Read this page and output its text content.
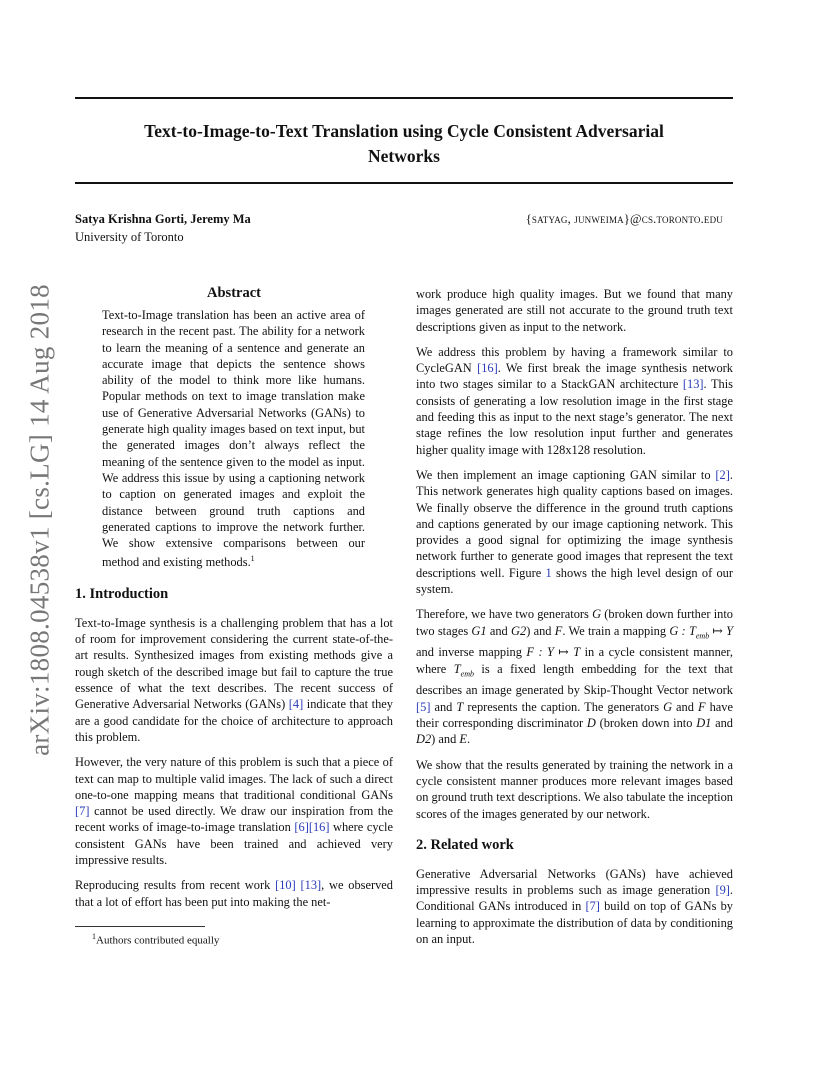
Text-to-Image-to-Text Translation using Cycle Consistent Adversarial
Networks
Satya Krishna Gorti, Jeremy Ma
University of Toronto
{satyag, junweima}@cs.toronto.edu
arXiv:1808.04538v1 [cs.LG] 14 Aug 2018	Abstract
Text-to-Image translation has been an active area of research in the recent past. The ability for a network to learn the meaning of a sentence and generate an accurate image that depicts the sentence shows ability of the model to think more like humans. Popular methods on text to image translation make use of Generative Adversarial Networks (GANs) to generate high quality images based on text input, but the generated images don’t always reflect the meaning of the sentence given to the model as input. We address this issue by using a captioning network to caption on generated images and exploit the distance between ground truth captions and generated captions to improve the network further. We show extensive comparisons between our method and existing methods.$^1$
1. Introduction

Text-to-Image synthesis is a challenging problem that has a lot of room for improvement considering the current state-of-the-art results. Synthesized images from existing methods give a rough sketch of the described image but fail to capture the true essence of what the text describes. The recent success of Generative Adversarial Networks (GANs) [4] indicate that they are a good candidate for the choice of architecture to approach this problem.

However, the very nature of this problem is such that a piece of text can map to multiple valid images. The lack of such a direct one-to-one mapping means that traditional conditional GANs [7] cannot be used directly. We draw our inspiration from the recent works of image-to-image translation [6][16] where cycle consistent GANs have been trained and achieved very impressive results.

Reproducing results from recent work [10] [13], we observed that a lot of effort has been put into making the net-

$^1$Authors contributed equally

work produce high quality images. But we found that many images generated are still not accurate to the ground truth text descriptions given as input to the network.

We address this problem by having a framework similar to CycleGAN [16]. We first break the image synthesis network into two stages similar to a StackGAN architecture [13]. This consists of generating a low resolution image in the first stage and feeding this as input to the next stage’s generator. The next stage refines the low resolution input further and generates higher quality image with 128x128 resolution.

We then implement an image captioning GAN similar to [2]. This network generates high quality captions based on images. We finally observe the difference in the ground truth captions and captions generated by our image captioning network. This provides a good signal for optimizing the image synthesis network further to generate good images that represent the text descriptions well. Figure 1 shows the high level design of our system.

Therefore, we have two generators G (broken down further into two stages G1 and G2) and F. We train a mapping G : $T_{emb}$ ↦ Y and inverse mapping F : Y ↦ T in a cycle consistent manner, where $T_{emb}$ is a fixed length embedding for the text that describes an image generated by Skip-Thought Vector network [5] and T represents the caption. The generators G and F have their corresponding discriminator D (broken down into D1 and D2) and E.

We show that the results generated by training the network in a cycle consistent manner produces more relevant images based on ground truth text descriptions. We also tabulate the inception scores of the images generated by our network.

2. Related work

Generative Adversarial Networks (GANs) have achieved impressive results in problems such as image generation [9]. Conditional GANs introduced in [7] build on top of GANs by learning to approximate the distribution of data by conditioning on an input.
